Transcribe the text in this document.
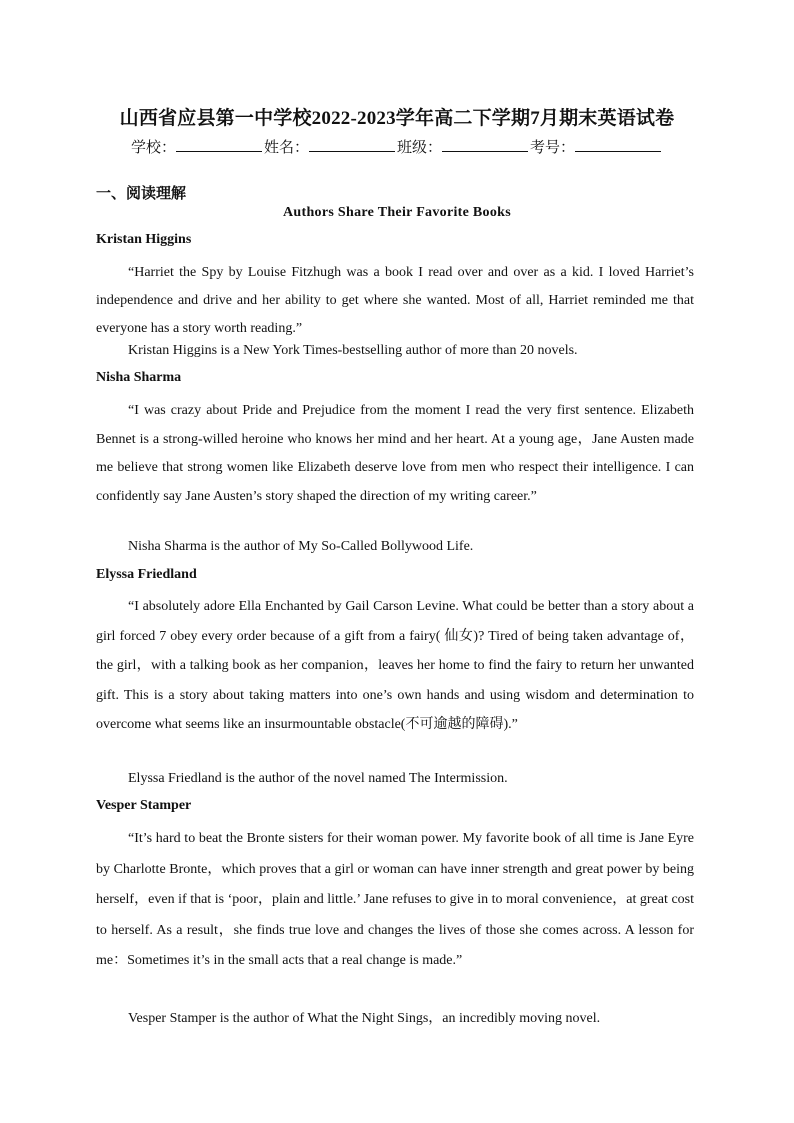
山西省应县第一中学校2022-2023学年高二下学期7月期末英语试卷
学校：	姓名：	班级：	考号：
一、阅读理解
Authors Share Their Favorite Books
Kristan Higgins

“Harriet the Spy by Louise Fitzhugh was a book I read over and over as a kid. I loved Harriet’s independence and drive and her ability to get where she wanted. Most of all, Harriet reminded me that everyone has a story worth reading.”

Kristan Higgins is a New York Times-bestselling author of more than 20 novels.
Nisha Sharma

“I was crazy about Pride and Prejudice from the moment I read the very first sentence. Elizabeth Bennet is a strong-willed heroine who knows her mind and her heart. At a young age，Jane Austen made me believe that strong women like Elizabeth deserve love from men who respect their intelligence. I can confidently say Jane Austen’s story shaped the direction of my writing career.”

Nisha Sharma is the author of My So-Called Bollywood Life.
Elyssa Friedland

“I absolutely adore Ella Enchanted by Gail Carson Levine. What could be better than a story about a girl forced 7 obey every order because of a gift from a fairy( 仙女)? Tired of being taken advantage of，the girl，with a talking book as her companion，leaves her home to find the fairy to return her unwanted gift. This is a story about taking matters into one’s own hands and using wisdom and determination to overcome what seems like an insurmountable obstacle(不可逾越的障碍).”

Elyssa Friedland is the author of the novel named The Intermission.
Vesper Stamper

“It’s hard to beat the Bronte sisters for their woman power. My favorite book of all time is Jane Eyre by Charlotte Bronte，which proves that a girl or woman can have inner strength and great power by being herself，even if that is ‘poor，plain and little.’ Jane refuses to give in to moral convenience，at great cost to herself. As a result，she finds true love and changes the lives of those she comes across. A lesson for me：Sometimes it’s in the small acts that a real change is made.”

Vesper Stamper is the author of What the Night Sings，an incredibly moving novel.
